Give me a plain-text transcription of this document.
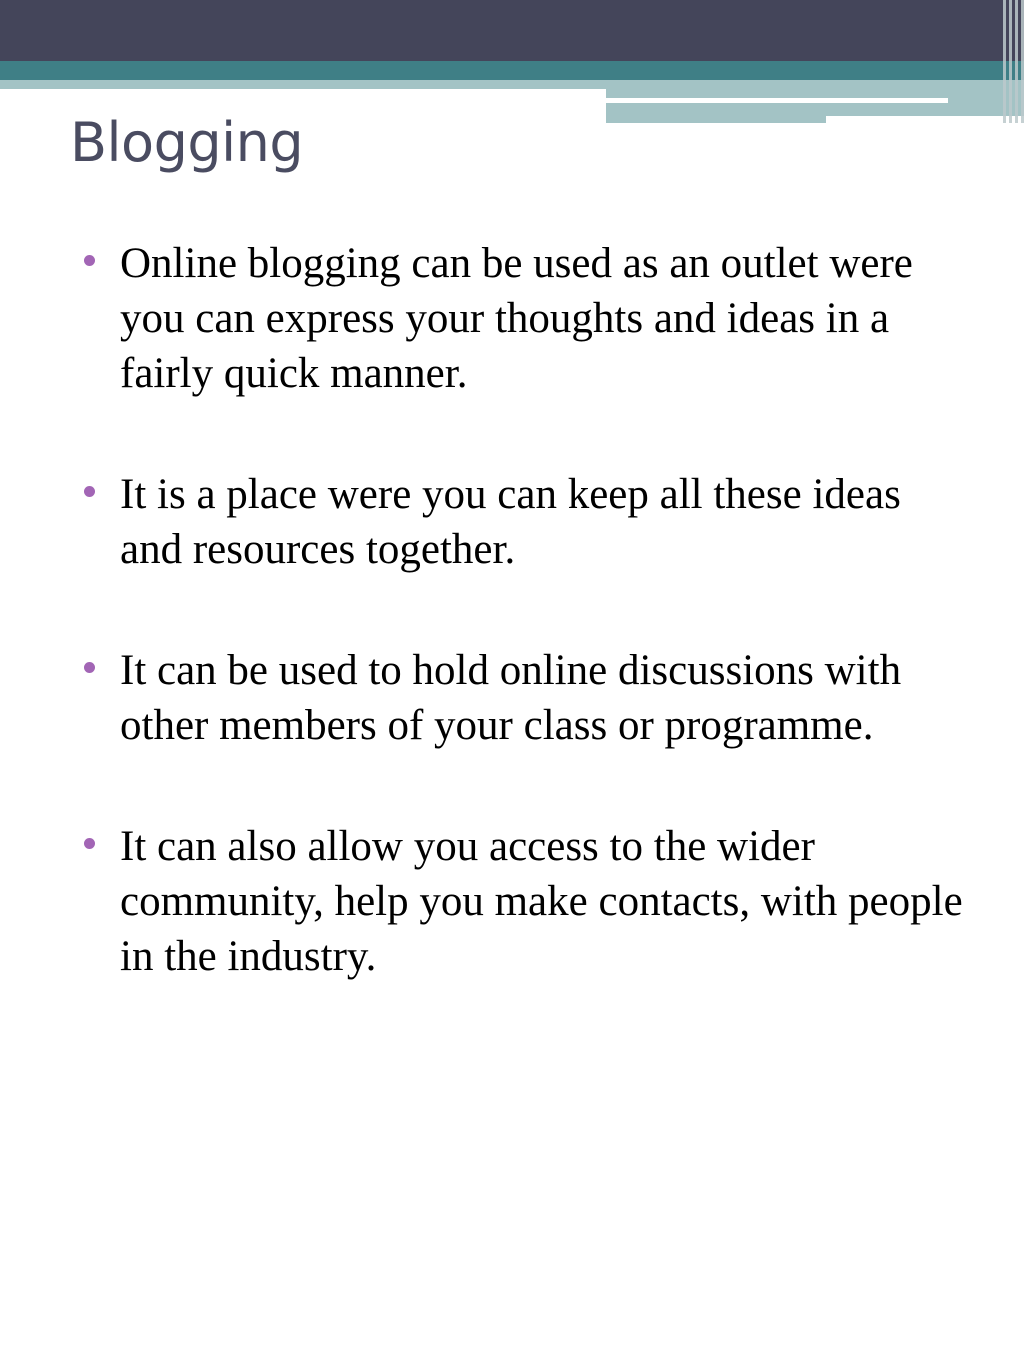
Blogging
Online blogging can be used as an outlet were you can express your thoughts and ideas in a fairly quick manner.
It is a place were you can keep all these ideas and resources together.
It can be used to hold online discussions with other members of your class or programme.
It can also allow you access to the wider community, help you make contacts, with people in the industry.
